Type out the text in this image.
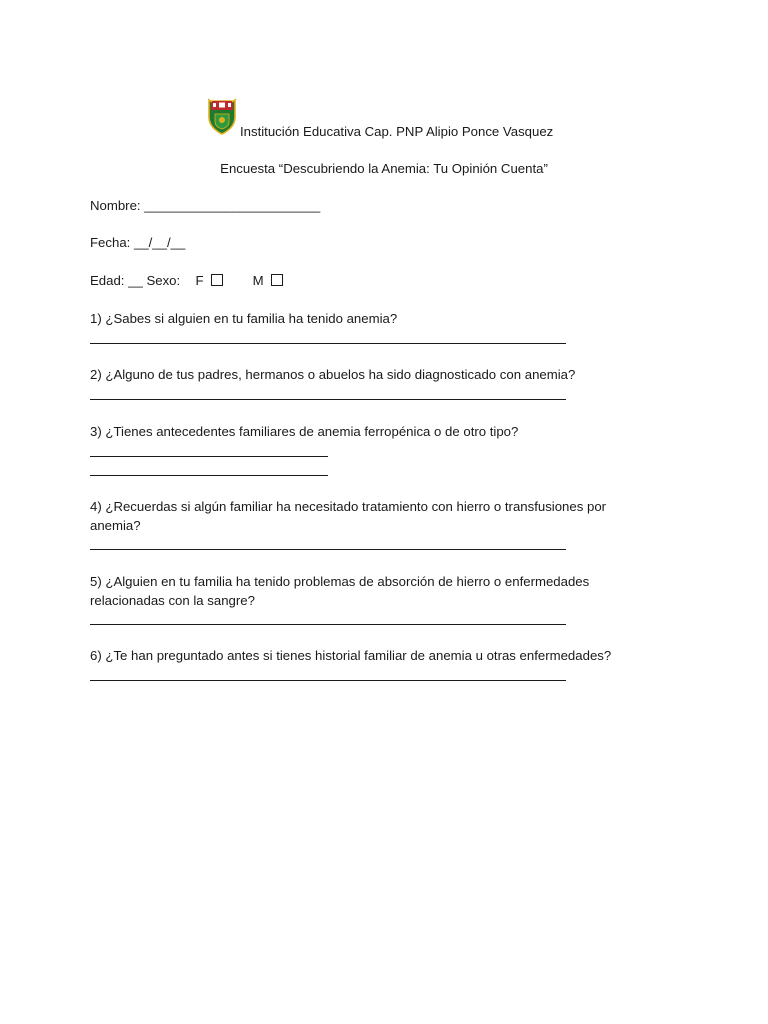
Institución Educativa Cap. PNP Alipio Ponce Vasquez
Encuesta “Descubriendo la Anemia: Tu Opinión Cuenta”
Nombre: ________________________
Fecha: __/__/__
Edad: __ Sexo: F	M
1) ¿Sabes si alguien en tu familia ha tenido anemia?
2) ¿Alguno de tus padres, hermanos o abuelos ha sido diagnosticado con anemia?
3) ¿Tienes antecedentes familiares de anemia ferropénica o de otro tipo?
4) ¿Recuerdas si algún familiar ha necesitado tratamiento con hierro o transfusiones por anemia?
5) ¿Alguien en tu familia ha tenido problemas de absorción de hierro o enfermedades relacionadas con la sangre?
6) ¿Te han preguntado antes si tienes historial familiar de anemia u otras enfermedades?
